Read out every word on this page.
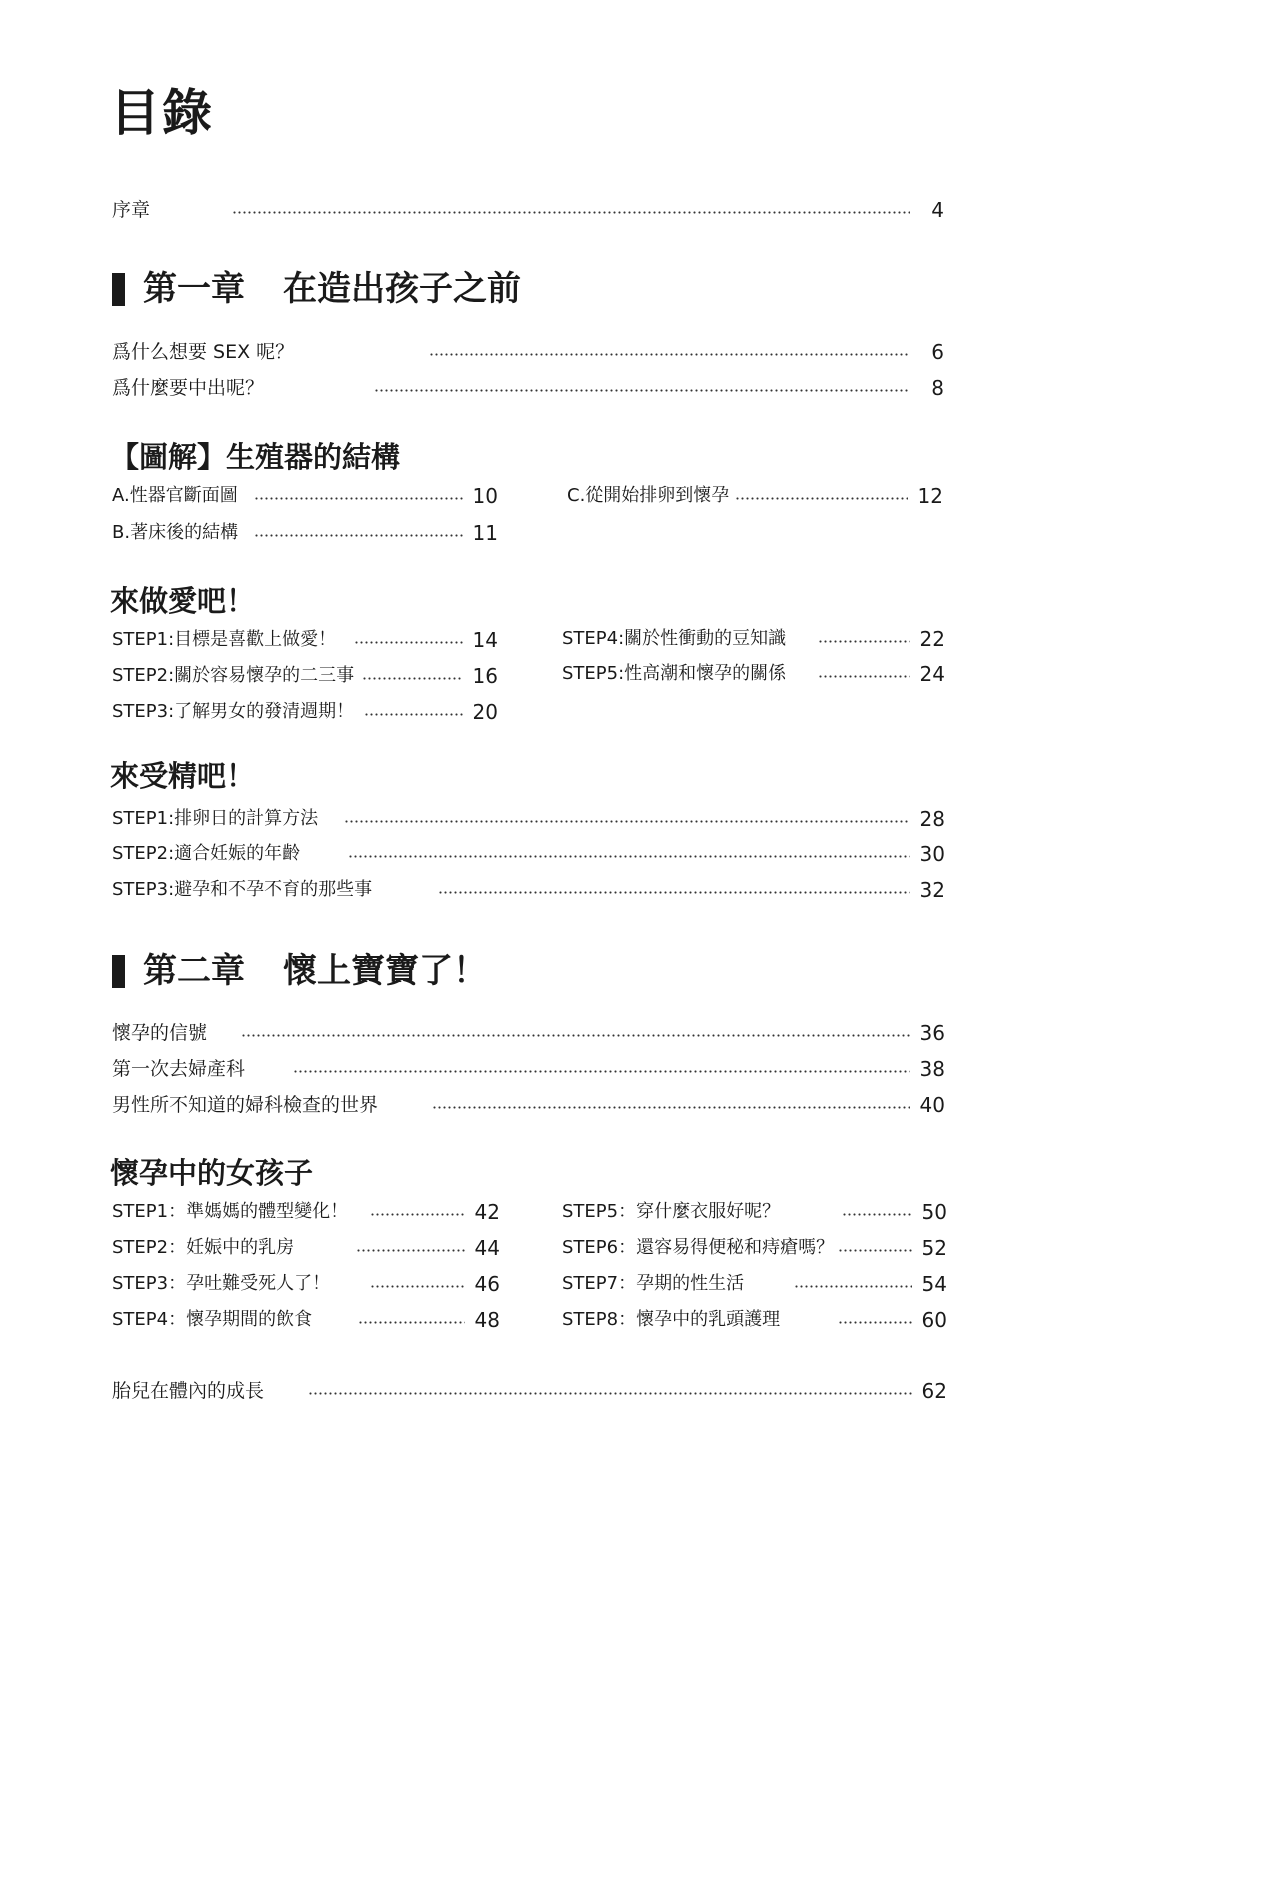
目錄
序章	4
第一章 在造出孩子之前
爲什么想要 SEX 呢？	6
爲什麼要中出呢？	8
【圖解】生殖器的結構
A.性器官斷面圖	10
B.著床後的結構	11
C.從開始排卵到懷孕	12
來做愛吧！
STEP1:目標是喜歡上做愛！	14
STEP2:關於容易懷孕的二三事	16
STEP3:了解男女的發清週期！	20
STEP4:關於性衝動的豆知識	22
STEP5:性高潮和懷孕的關係	24
來受精吧！
STEP1:排卵日的計算方法	28
STEP2:適合妊娠的年齡	30
STEP3:避孕和不孕不育的那些事	32
第二章 懷上寶寶了！
懷孕的信號	36
第一次去婦產科	38
男性所不知道的婦科檢查的世界	40
懷孕中的女孩子
STEP1：準媽媽的體型變化！	42
STEP2：妊娠中的乳房	44
STEP3：孕吐難受死人了！	46
STEP4：懷孕期間的飲食	48
STEP5：穿什麼衣服好呢？	50
STEP6：還容易得便秘和痔瘡嗎？	52
STEP7：孕期的性生活	54
STEP8：懷孕中的乳頭護理	60
胎兒在體內的成長	62
